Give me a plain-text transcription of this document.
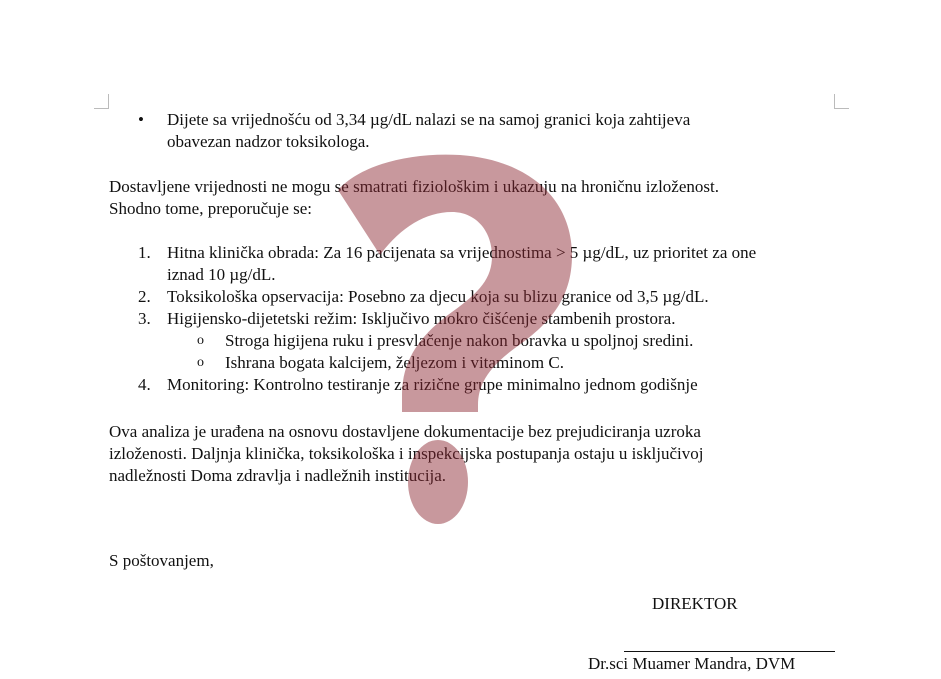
• Dijete sa vrijednošću od 3,34 µg/dL nalazi se na samoj granici koja zahtijeva
obavezan nadzor toksikologa.
Dostavljene vrijednosti ne mogu se smatrati fiziološkim i ukazuju na hroničnu izloženost.
Shodno tome, preporučuje se:
1. Hitna klinička obrada: Za 16 pacijenata sa vrijednostima > 5 µg/dL, uz prioritet za one
iznad 10 µg/dL.
2. Toksikološka opservacija: Posebno za djecu koja su blizu granice od 3,5 µg/dL.
3. Higijensko-dijetetski režim: Isključivo mokro čišćenje stambenih prostora.
o Stroga higijena ruku i presvlačenje nakon boravka u spoljnoj sredini.
o Ishrana bogata kalcijem, željezom i vitaminom C.
4. Monitoring: Kontrolno testiranje za rizične grupe minimalno jednom godišnje
Ova analiza je urađena na osnovu dostavljene dokumentacije bez prejudiciranja uzroka
izloženosti. Daljnja klinička, toksikološka i inspekcijska postupanja ostaju u isključivoj
nadležnosti Doma zdravlja i nadležnih institucija.
S poštovanjem,
DIREKTOR
Dr.sci Muamer Mandra, DVM
